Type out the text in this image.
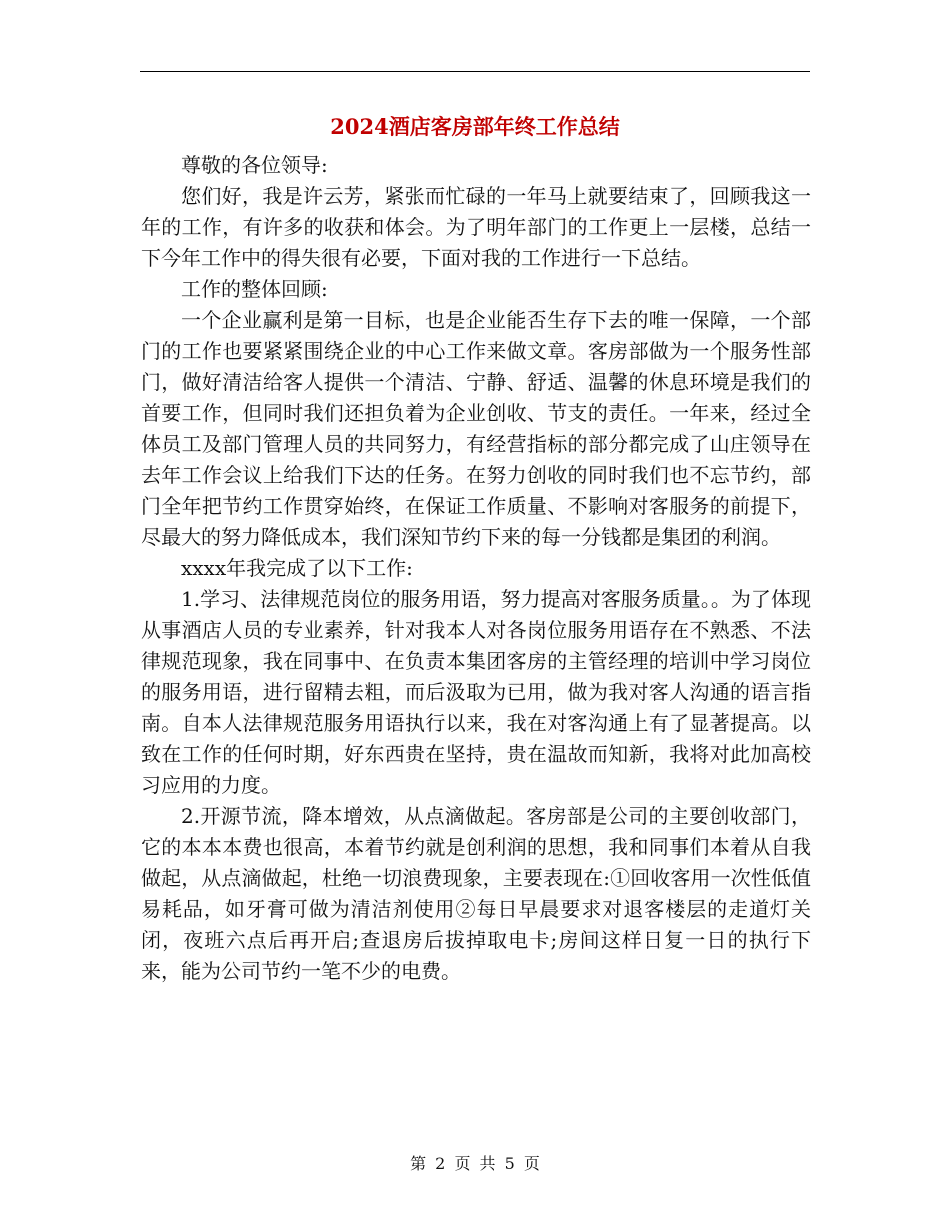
2024酒店客房部年终工作总结

尊敬的各位领导:

您们好，我是许云芳，紧张而忙碌的一年马上就要结束了，回顾我这一年的工作，有许多的收获和体会。为了明年部门的工作更上一层楼，总结一下今年工作中的得失很有必要，下面对我的工作进行一下总结。

工作的整体回顾:

一个企业赢利是第一目标，也是企业能否生存下去的唯一保障，一个部门的工作也要紧紧围绕企业的中心工作来做文章。客房部做为一个服务性部门，做好清洁给客人提供一个清洁、宁静、舒适、温馨的休息环境是我们的首要工作，但同时我们还担负着为企业创收、节支的责任。一年来，经过全体员工及部门管理人员的共同努力，有经营指标的部分都完成了山庄领导在去年工作会议上给我们下达的任务。在努力创收的同时我们也不忘节约，部门全年把节约工作贯穿始终，在保证工作质量、不影响对客服务的前提下，尽最大的努力降低成本，我们深知节约下来的每一分钱都是集团的利润。

xxxx年我完成了以下工作:

1.学习、法律规范岗位的服务用语，努力提高对客服务质量。。为了体现从事酒店人员的专业素养，针对我本人对各岗位服务用语存在不熟悉、不法律规范现象，我在同事中、在负责本集团客房的主管经理的培训中学习岗位的服务用语，进行留精去粗，而后汲取为已用，做为我对客人沟通的语言指南。自本人法律规范服务用语执行以来，我在对客沟通上有了显著提高。以致在工作的任何时期，好东西贵在坚持，贵在温故而知新，我将对此加高校习应用的力度。

2.开源节流，降本增效，从点滴做起。客房部是公司的主要创收部门，它的本本本费也很高，本着节约就是创利润的思想，我和同事们本着从自我做起，从点滴做起，杜绝一切浪费现象，主要表现在:①回收客用一次性低值易耗品，如牙膏可做为清洁剂使用②每日早晨要求对退客楼层的走道灯关闭，夜班六点后再开启;查退房后拔掉取电卡;房间这样日复一日的执行下来，能为公司节约一笔不少的电费。

第 2 页 共 5 页
